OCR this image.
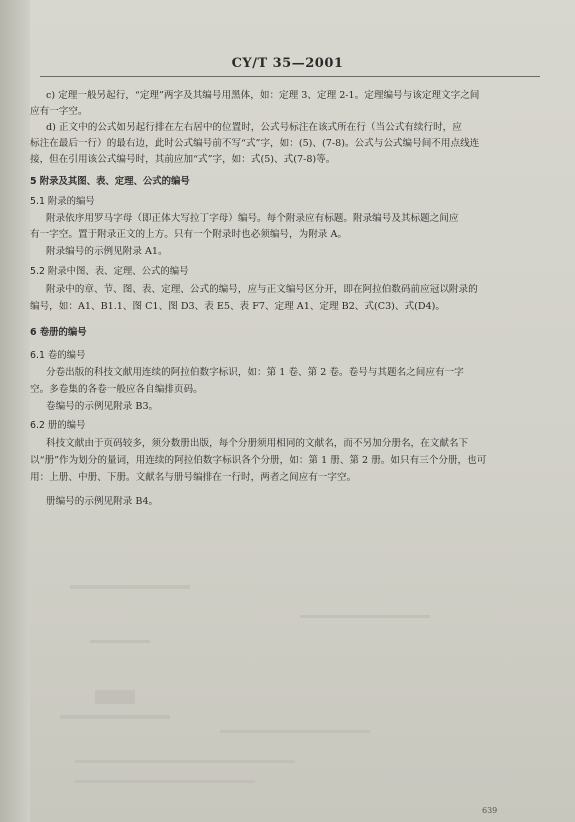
CY/T 35—2001
c) 定理一般另起行，“定理”两字及其编号用黑体，如：定理 3、定理 2-1。定理编号与该定理文字之间
应有一字空。
d) 正文中的公式如另起行排在左右居中的位置时，公式号标注在该式所在行（当公式有续行时，应
标注在最后一行）的最右边，此时公式编号前不写“式”字，如：(5)、(7-8)。公式与公式编号间不用点线连
接，但在引用该公式编号时，其前应加“式”字，如：式(5)、式(7-8)等。
5 附录及其图、表、定理、公式的编号
5.1 附录的编号
附录依序用罗马字母（即正体大写拉丁字母）编号。每个附录应有标题。附录编号及其标题之间应
有一字空。置于附录正文的上方。只有一个附录时也必须编号，为附录 A。
附录编号的示例见附录 A1。
5.2 附录中图、表、定理、公式的编号
附录中的章、节、图、表、定理、公式的编号，应与正文编号区分开，即在阿拉伯数码前应冠以附录的
编号，如：A1、B1.1、图 C1、图 D3、表 E5、表 F7、定理 A1、定理 B2、式(C3)、式(D4)。
6 卷册的编号
6.1 卷的编号
分卷出版的科技文献用连续的阿拉伯数字标识，如：第 1 卷、第 2 卷。卷号与其题名之间应有一字
空。多卷集的各卷一般应各自编排页码。
卷编号的示例见附录 B3。
6.2 册的编号
科技文献由于页码较多，须分数册出版，每个分册须用相同的文献名，而不另加分册名，在文献名下
以“册”作为划分的量词，用连续的阿拉伯数字标识各个分册，如：第 1 册、第 2 册。如只有三个分册，也可
用：上册、中册、下册。文献名与册号编排在一行时，两者之间应有一字空。
册编号的示例见附录 B4。
639
